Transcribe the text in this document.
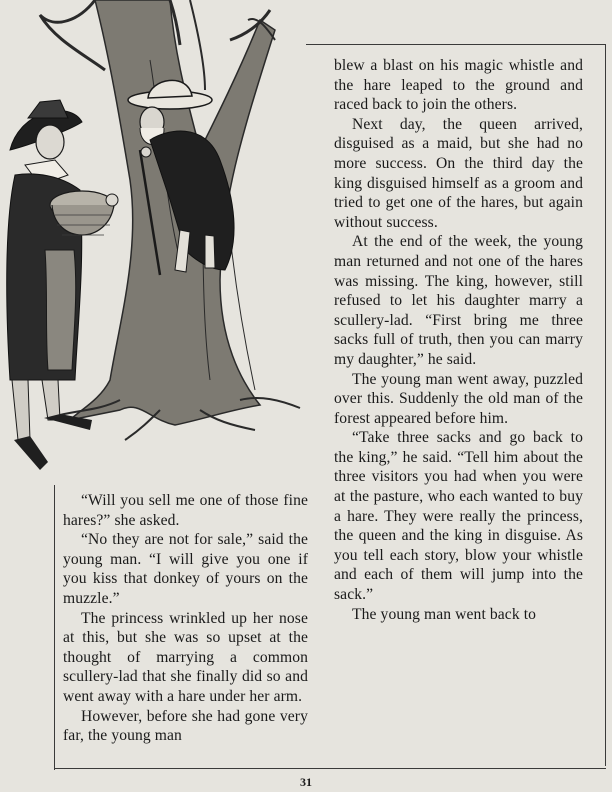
blew a blast on his magic whistle and the hare leaped to the ground and raced back to join the others.

Next day, the queen arrived, disguised as a maid, but she had no more success. On the third day the king disguised himself as a groom and tried to get one of the hares, but again without success.

At the end of the week, the young man returned and not one of the hares was missing. The king, however, still refused to let his daughter marry a scullery-lad. “First bring me three sacks full of truth, then you can marry my daughter,” he said.

The young man went away, puzzled over this. Suddenly the old man of the forest appeared before him.

“Take three sacks and go back to the king,” he said. “Tell him about the three visitors you had when you were at the pasture, who each wanted to buy a hare. They were really the princess, the queen and the king in disguise. As you tell each story, blow your whistle and each of them will jump into the sack.”

The young man went back to

“Will you sell me one of those fine hares?” she asked.

“No they are not for sale,” said the young man. “I will give you one if you kiss that donkey of yours on the muzzle.”

The princess wrinkled up her nose at this, but she was so upset at the thought of marrying a common scullery-lad that she finally did so and went away with a hare under her arm.

However, before she had gone very far, the young man

31
